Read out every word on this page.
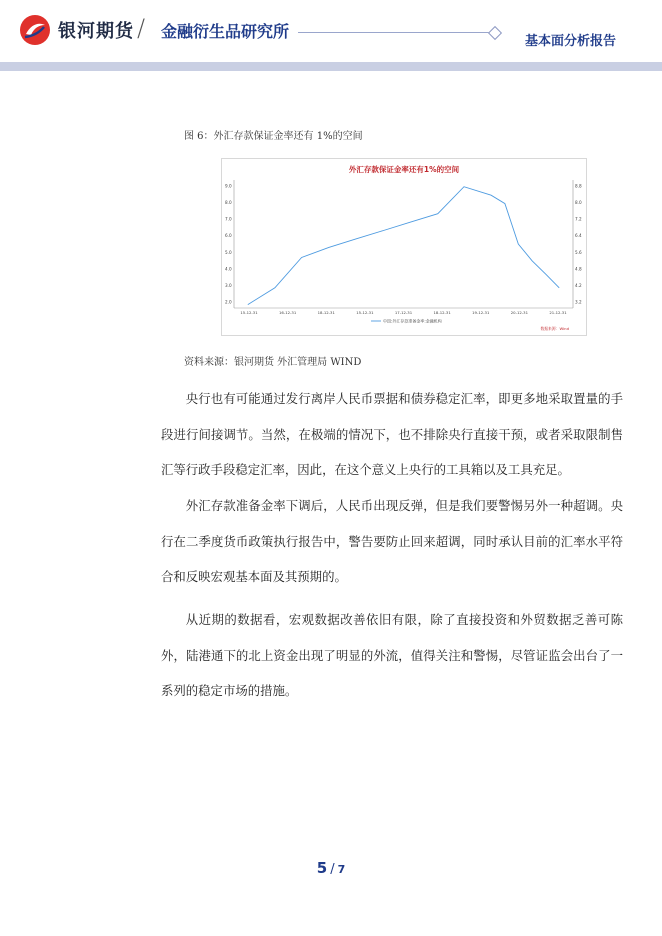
银河期货 / 金融衍生品研究所
基本面分析报告
图 6：外汇存款保证金率还有 1%的空间
外汇存款保证金率还有1%的空间
2.0
3.0
4.0
5.0
6.0
7.0
8.0
9.0
3.2
4.2
4.8
5.6
6.4
7.2
8.0
8.8
15-12-31	16-12-31	18-12-31	15-12-31	17-12-31	18-12-31	19-12-31	20-12-31	21-12-31
中国:外汇存款准备金率:金融机构
数据来源：Wind
资料来源：银河期货 外汇管理局 WIND

央行也有可能通过发行离岸人民币票据和债券稳定汇率，即更多地采取置量的手段进行间接调节。当然，在极端的情况下，也不排除央行直接干预，或者采取限制售汇等行政手段稳定汇率，因此，在这个意义上央行的工具箱以及工具充足。

外汇存款准备金率下调后，人民币出现反弹，但是我们要警惕另外一种超调。央行在二季度货币政策执行报告中，警告要防止回来超调，同时承认目前的汇率水平符合和反映宏观基本面及其预期的。

从近期的数据看，宏观数据改善依旧有限，除了直接投资和外贸数据乏善可陈外，陆港通下的北上资金出现了明显的外流，值得关注和警惕，尽管证监会出台了一系列的稳定市场的措施。

5 / 7
